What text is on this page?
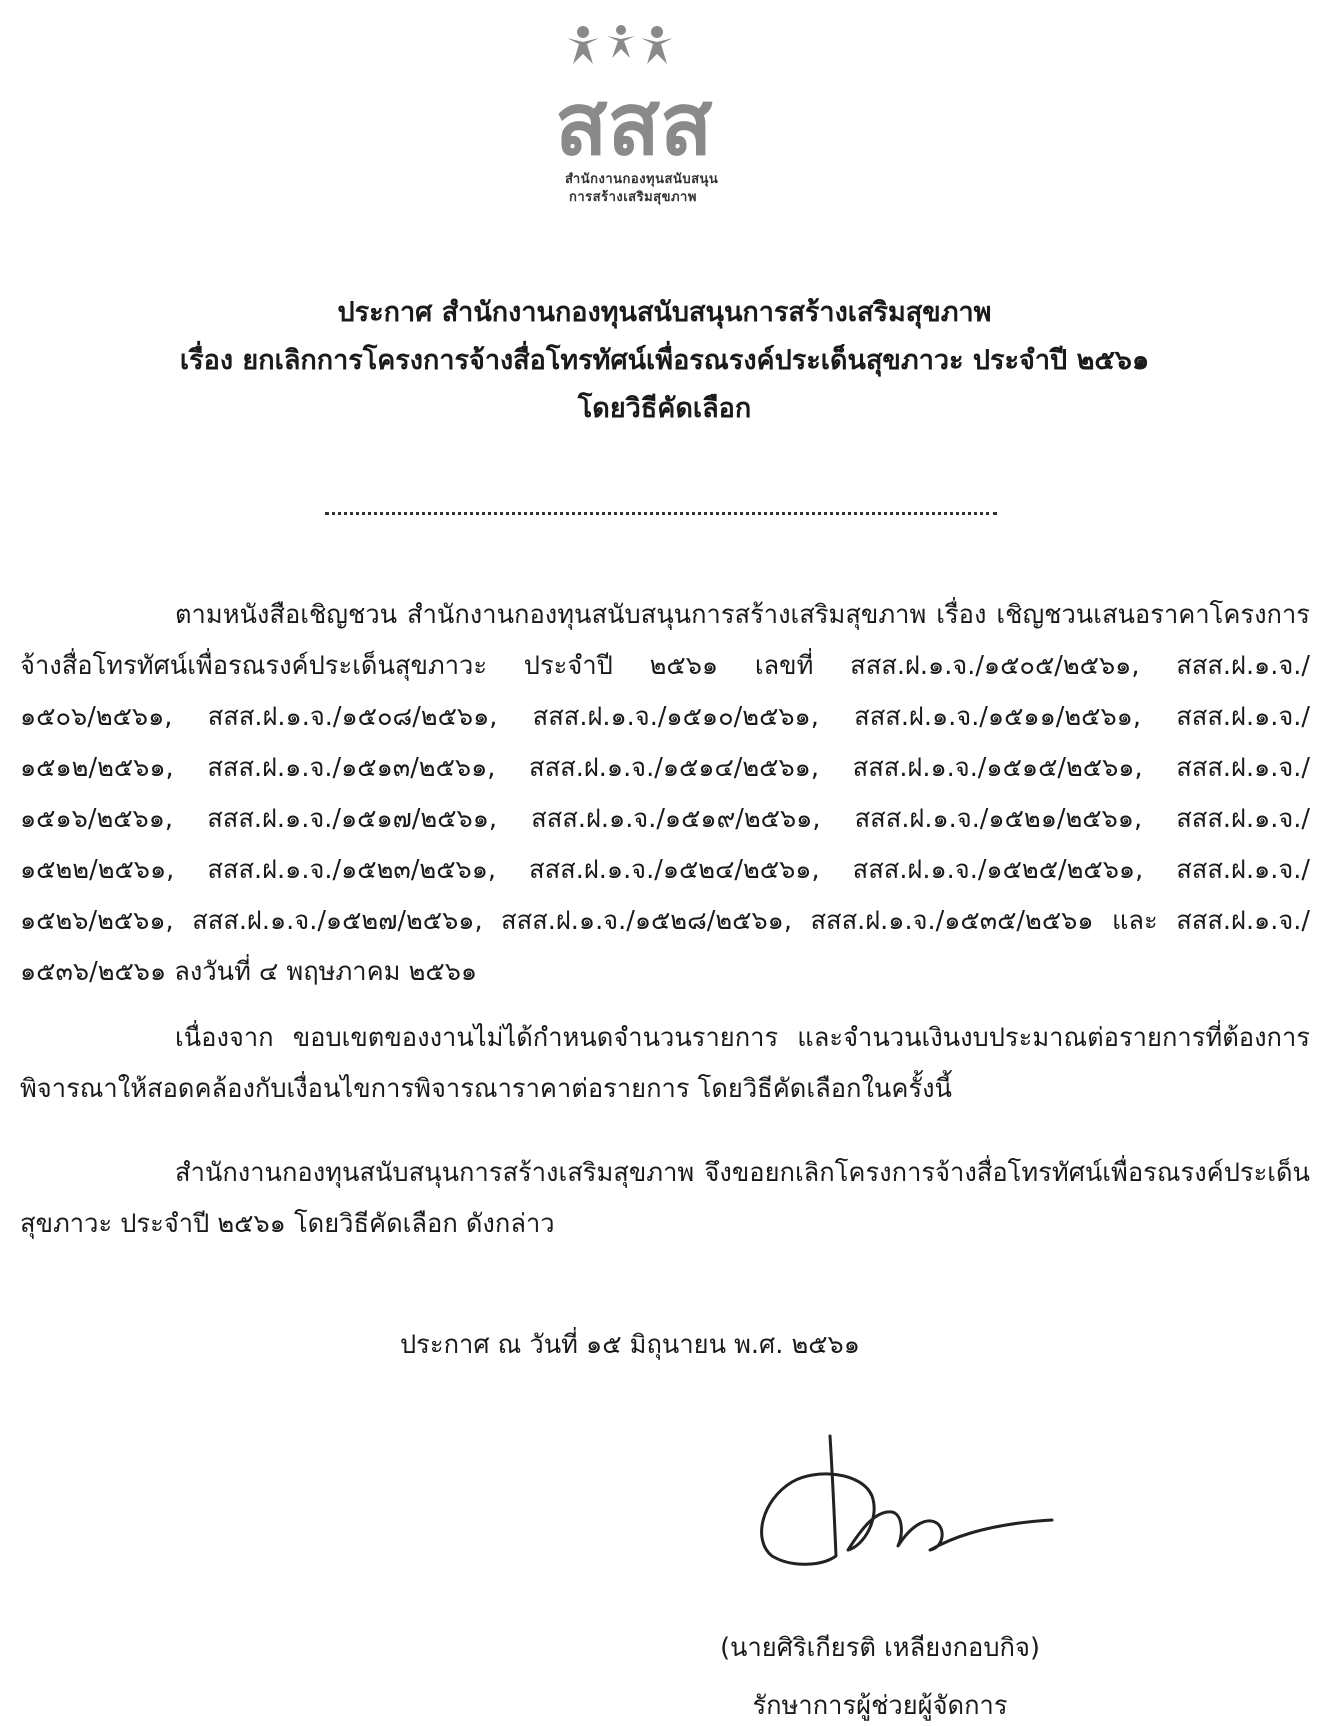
สสส
สำนักงานกองทุนสนับสนุน
การสร้างเสริมสุขภาพ
ประกาศ สำนักงานกองทุนสนับสนุนการสร้างเสริมสุขภาพ
เรื่อง ยกเลิกการโครงการจ้างสื่อโทรทัศน์เพื่อรณรงค์ประเด็นสุขภาวะ ประจำปี ๒๕๖๑
โดยวิธีคัดเลือก
ตามหนังสือเชิญชวน สำนักงานกองทุนสนับสนุนการสร้างเสริมสุขภาพ เรื่อง เชิญชวนเสนอราคาโครงการจ้างสื่อโทรทัศน์เพื่อรณรงค์ประเด็นสุขภาวะ ประจำปี ๒๕๖๑ เลขที่ สสส.ฝ.๑.จ./๑๕๐๕/๒๕๖๑, สสส.ฝ.๑.จ./๑๕๐๖/๒๕๖๑, สสส.ฝ.๑.จ./๑๕๐๘/๒๕๖๑, สสส.ฝ.๑.จ./๑๕๑๐/๒๕๖๑, สสส.ฝ.๑.จ./๑๕๑๑/๒๕๖๑, สสส.ฝ.๑.จ./๑๕๑๒/๒๕๖๑, สสส.ฝ.๑.จ./๑๕๑๓/๒๕๖๑, สสส.ฝ.๑.จ./๑๕๑๔/๒๕๖๑, สสส.ฝ.๑.จ./๑๕๑๕/๒๕๖๑, สสส.ฝ.๑.จ./๑๕๑๖/๒๕๖๑, สสส.ฝ.๑.จ./๑๕๑๗/๒๕๖๑, สสส.ฝ.๑.จ./๑๕๑๙/๒๕๖๑, สสส.ฝ.๑.จ./๑๕๒๑/๒๕๖๑, สสส.ฝ.๑.จ./๑๕๒๒/๒๕๖๑, สสส.ฝ.๑.จ./๑๕๒๓/๒๕๖๑, สสส.ฝ.๑.จ./๑๕๒๔/๒๕๖๑, สสส.ฝ.๑.จ./๑๕๒๕/๒๕๖๑, สสส.ฝ.๑.จ./๑๕๒๖/๒๕๖๑, สสส.ฝ.๑.จ./๑๕๒๗/๒๕๖๑, สสส.ฝ.๑.จ./๑๕๒๘/๒๕๖๑, สสส.ฝ.๑.จ./๑๕๓๕/๒๕๖๑ และ สสส.ฝ.๑.จ./๑๕๓๖/๒๕๖๑ ลงวันที่ ๔ พฤษภาคม ๒๕๖๑
เนื่องจาก ขอบเขตของงานไม่ได้กำหนดจำนวนรายการ และจำนวนเงินงบประมาณต่อรายการที่ต้องการพิจารณาให้สอดคล้องกับเงื่อนไขการพิจารณาราคาต่อรายการ โดยวิธีคัดเลือกในครั้งนี้
สำนักงานกองทุนสนับสนุนการสร้างเสริมสุขภาพ จึงขอยกเลิกโครงการจ้างสื่อโทรทัศน์เพื่อรณรงค์ประเด็นสุขภาวะ ประจำปี ๒๕๖๑ โดยวิธีคัดเลือก ดังกล่าว
ประกาศ ณ วันที่ ๑๕ มิถุนายน พ.ศ. ๒๕๖๑
(นายศิริเกียรติ เหลียงกอบกิจ)
รักษาการผู้ช่วยผู้จัดการ
